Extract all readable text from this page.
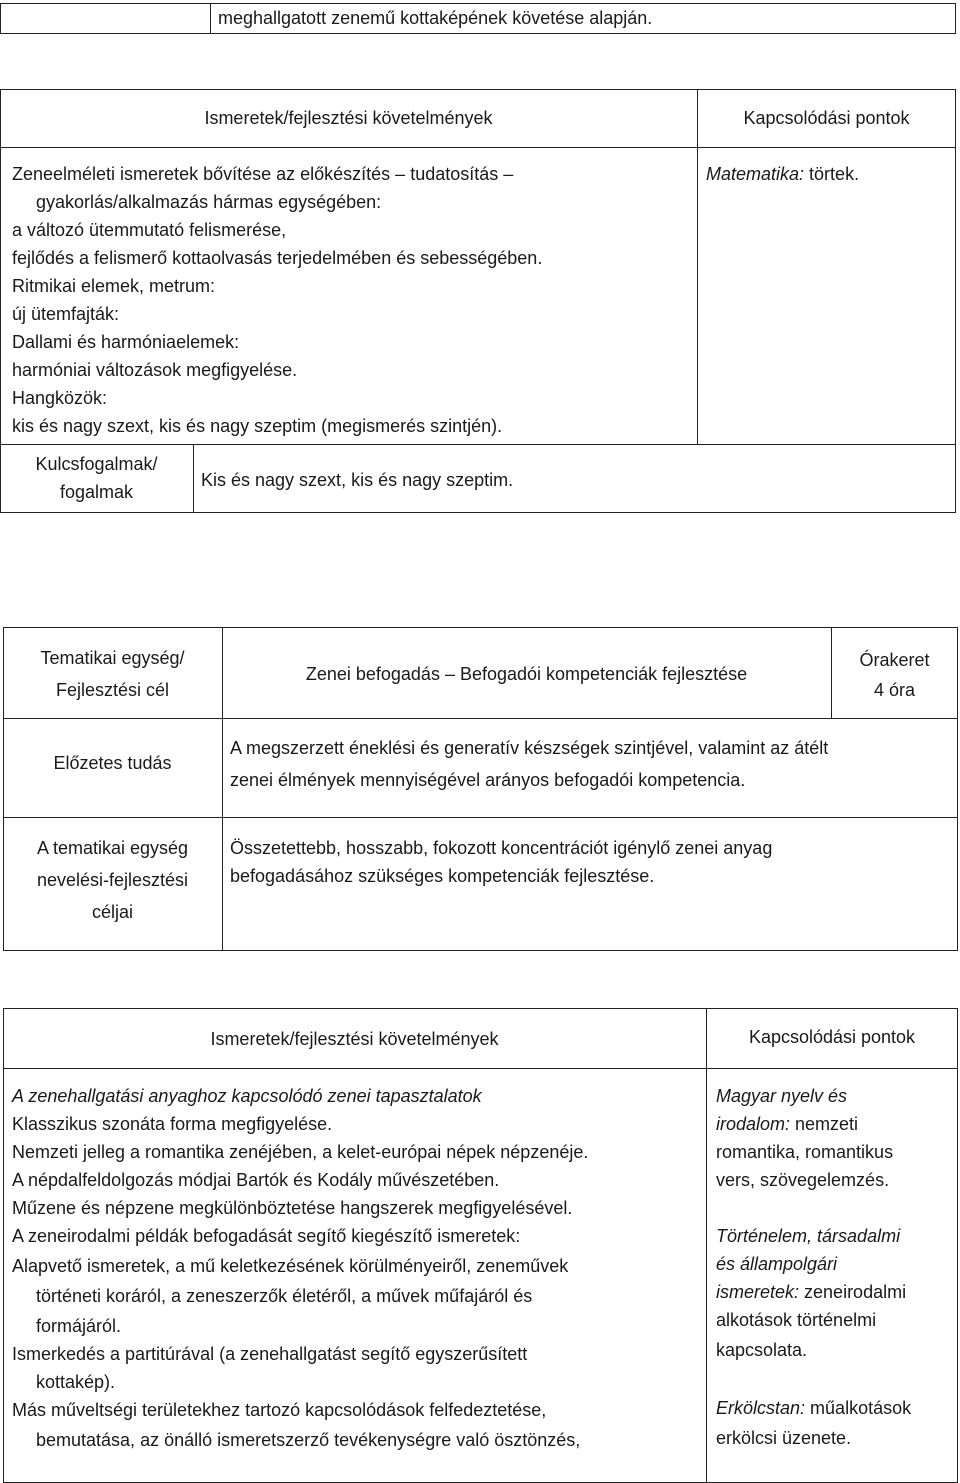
meghallgatott zenemű kottaképének követése alapján.
Ismeretek/fejlesztési követelmények	Kapcsolódási pontok
Zeneelméleti ismeretek bővítése az előkészítés – tudatosítás –
gyakorlás/alkalmazás hármas egységében:
a változó ütemmutató felismerése,
fejlődés a felismerő kottaolvasás terjedelmében és sebességében.
Ritmikai elemek, metrum:
új ütemfajták:
Dallami és harmóniaelemek:
harmóniai változások megfigyelése.
Hangközök:
kis és nagy szext, kis és nagy szeptim (megismerés szintjén).
Matematika: törtek.
Kulcsfogalmak/
fogalmak
Kis és nagy szext, kis és nagy szeptim.
Tematikai egység/
Fejlesztési cél
Zenei befogadás – Befogadói kompetenciák fejlesztése
Órakeret
4 óra
Előzetes tudás
A megszerzett éneklési és generatív készségek szintjével, valamint az átélt
zenei élmények mennyiségével arányos befogadói kompetencia.
A tematikai egység
nevelési-fejlesztési
céljai
Összetettebb, hosszabb, fokozott koncentrációt igénylő zenei anyag
befogadásához szükséges kompetenciák fejlesztése.
Ismeretek/fejlesztési követelmények	Kapcsolódási pontok
A zenehallgatási anyaghoz kapcsolódó zenei tapasztalatok
Klasszikus szonáta forma megfigyelése.
Nemzeti jelleg a romantika zenéjében, a kelet-európai népek népzenéje.
A népdalfeldolgozás módjai Bartók és Kodály művészetében.
Műzene és népzene megkülönböztetése hangszerek megfigyelésével.
A zeneirodalmi példák befogadását segítő kiegészítő ismeretek:
Alapvető ismeretek, a mű keletkezésének körülményeiről, zeneművek
történeti koráról, a zeneszerzők életéről, a művek műfajáról és
formájáról.
Ismerkedés a partitúrával (a zenehallgatást segítő egyszerűsített
kottakép).
Más műveltségi területekhez tartozó kapcsolódások felfedeztetése,
bemutatása, az önálló ismeretszerző tevékenységre való ösztönzés,
Magyar nyelv és
irodalom: nemzeti
romantika, romantikus
vers, szövegelemzés.
Történelem, társadalmi
és állampolgári
ismeretek: zeneirodalmi
alkotások történelmi
kapcsolata.
Erkölcstan: műalkotások
erkölcsi üzenete.
